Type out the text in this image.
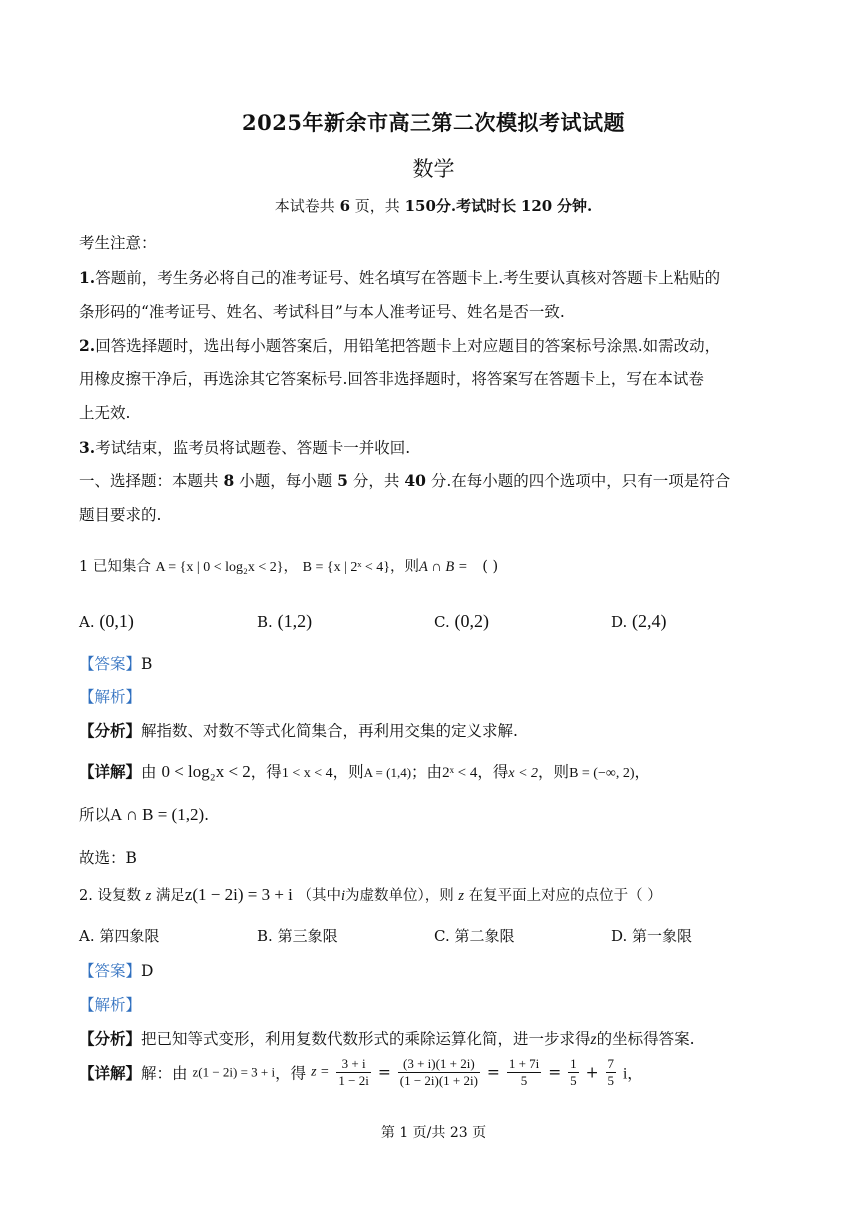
2025年新余市高三第二次模拟考试试题
数学
本试卷共 6 页，共 150分.考试时长 120 分钟.
考生注意：
1.答题前，考生务必将自己的准考证号、姓名填写在答题卡上.考生要认真核对答题卡上粘贴的
条形码的“准考证号、姓名、考试科目”与本人准考证号、姓名是否一致.
2.回答选择题时，选出每小题答案后，用铅笔把答题卡上对应题目的答案标号涂黑.如需改动，
用橡皮擦干净后，再选涂其它答案标号.回答非选择题时，将答案写在答题卡上，写在本试卷
上无效.
3.考试结束，监考员将试题卷、答题卡一并收回.
一、选择题：本题共 8 小题，每小题 5 分，共 40 分.在每小题的四个选项中，只有一项是符合
题目要求的.
1 已知集合 A = {x | 0 < log₂x < 2}， B = {x | 2ˣ < 4}，则A ∩ B = ( )
A. (0,1)	B. (1,2)	C. (0,2)	D. (2,4)
【答案】B
【解析】
【分析】解指数、对数不等式化简集合，再利用交集的定义求解.
【详解】由 0 < log₂x < 2，得1 < x < 4，则A = (1,4)；由2ˣ < 4，得x < 2，则B = (−∞, 2)，
所以A ∩ B = (1,2).
故选：B
2. 设复数 z 满足z(1 − 2i) = 3 + i （其中i为虚数单位），则 z 在复平面上对应的点位于（ ）
A. 第四象限	B. 第三象限	C. 第二象限	D. 第一象限
【答案】D
【解析】
【分析】把已知等式变形，利用复数代数形式的乘除运算化简，进一步求得z的坐标得答案.
【详解】解：由 z(1 − 2i) = 3 + i，得 $z = \frac{3 + i}{1 - 2i} = \frac{(3 + i)(1 + 2i)}{(1 - 2i)(1 + 2i)} = \frac{1 + 7i}{5} = \frac{1}{5} + \frac{7}{5}$ i，
第 1 页/共 23 页
